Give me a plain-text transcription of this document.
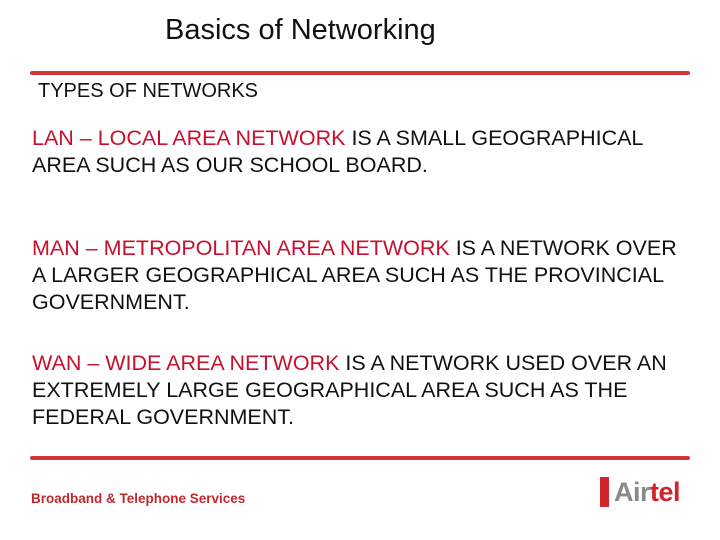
Basics of Networking
TYPES OF NETWORKS
LAN – LOCAL AREA NETWORK IS A SMALL GEOGRAPHICAL AREA SUCH AS OUR SCHOOL BOARD.
MAN – METROPOLITAN AREA NETWORK IS A NETWORK OVER A LARGER GEOGRAPHICAL AREA SUCH AS THE PROVINCIAL GOVERNMENT.
WAN – WIDE AREA NETWORK IS A NETWORK USED OVER AN EXTREMELY LARGE GEOGRAPHICAL AREA SUCH AS THE FEDERAL GOVERNMENT.
Broadband & Telephone Services	Airtel
